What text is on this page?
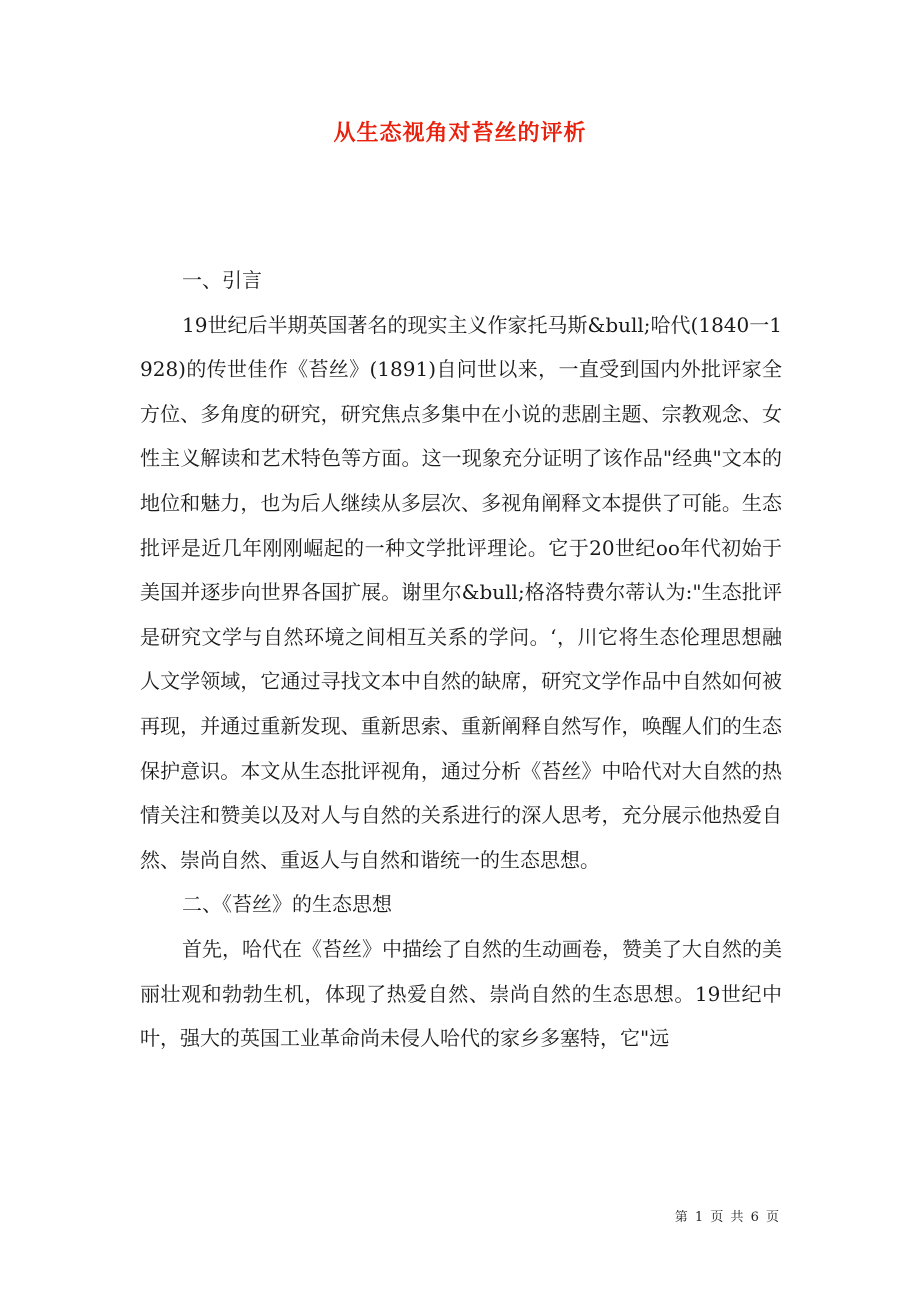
从生态视角对苔丝的评析

一、引言

19世纪后半期英国著名的现实主义作家托马斯&bull;哈代(1840一1928)的传世佳作《苔丝》(1891)自问世以来，一直受到国内外批评家全方位、多角度的研究，研究焦点多集中在小说的悲剧主题、宗教观念、女性主义解读和艺术特色等方面。这一现象充分证明了该作品"经典"文本的地位和魅力，也为后人继续从多层次、多视角阐释文本提供了可能。生态批评是近几年刚刚崛起的一种文学批评理论。它于20世纪oo年代初始于美国并逐步向世界各国扩展。谢里尔&bull;格洛特费尔蒂认为:"生态批评是研究文学与自然环境之间相互关系的学问。‘，川它将生态伦理思想融人文学领域，它通过寻找文本中自然的缺席，研究文学作品中自然如何被再现，并通过重新发现、重新思索、重新阐释自然写作，唤醒人们的生态保护意识。本文从生态批评视角，通过分析《苔丝》中哈代对大自然的热情关注和赞美以及对人与自然的关系进行的深人思考，充分展示他热爱自然、崇尚自然、重返人与自然和谐统一的生态思想。

二、《苔丝》的生态思想

首先，哈代在《苔丝》中描绘了自然的生动画卷，赞美了大自然的美丽壮观和勃勃生机，体现了热爱自然、崇尚自然的生态思想。19世纪中叶，强大的英国工业革命尚未侵人哈代的家乡多塞特，它"远

第 1 页 共 6 页
